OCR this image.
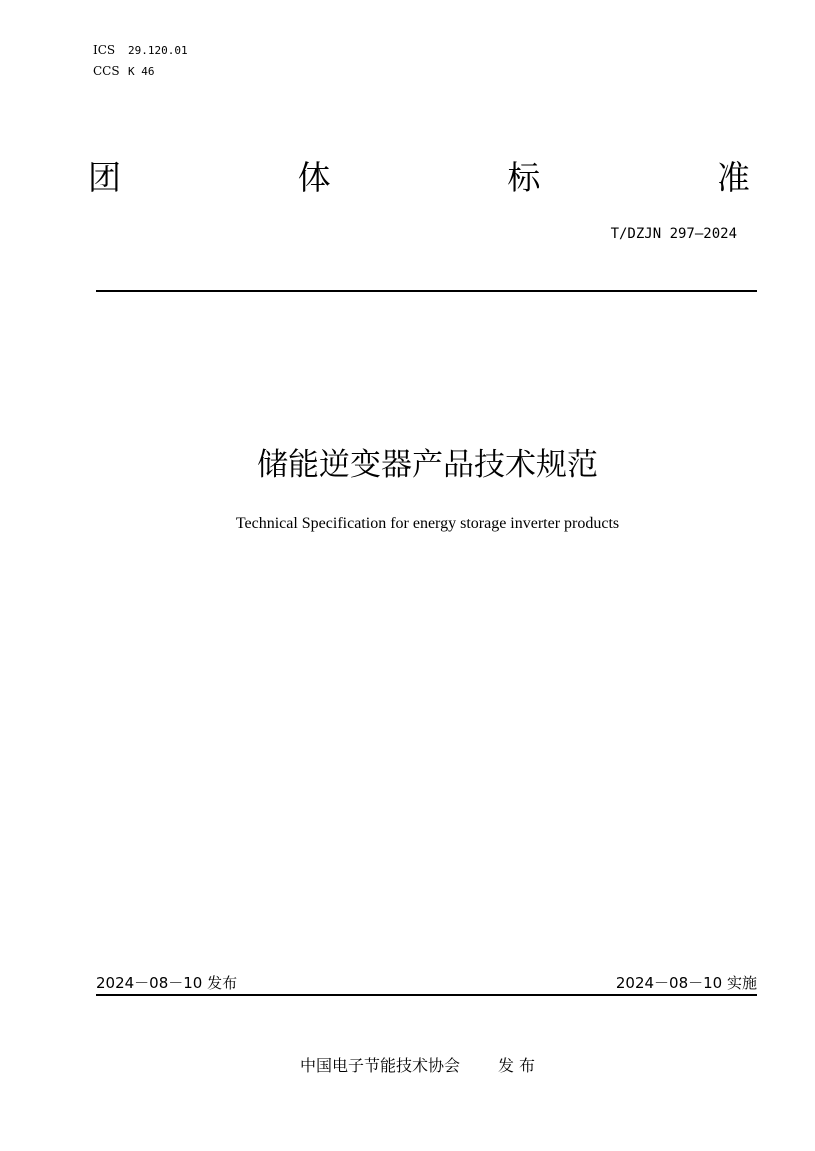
ICS	29.120.01
CCS K 46
团	体	标	准
T/DZJN 297—2024
储能逆变器产品技术规范
Technical Specification for energy storage inverter products
2024－08－10 发布	2024－08－10 实施
中国电子节能技术协会 发 布
